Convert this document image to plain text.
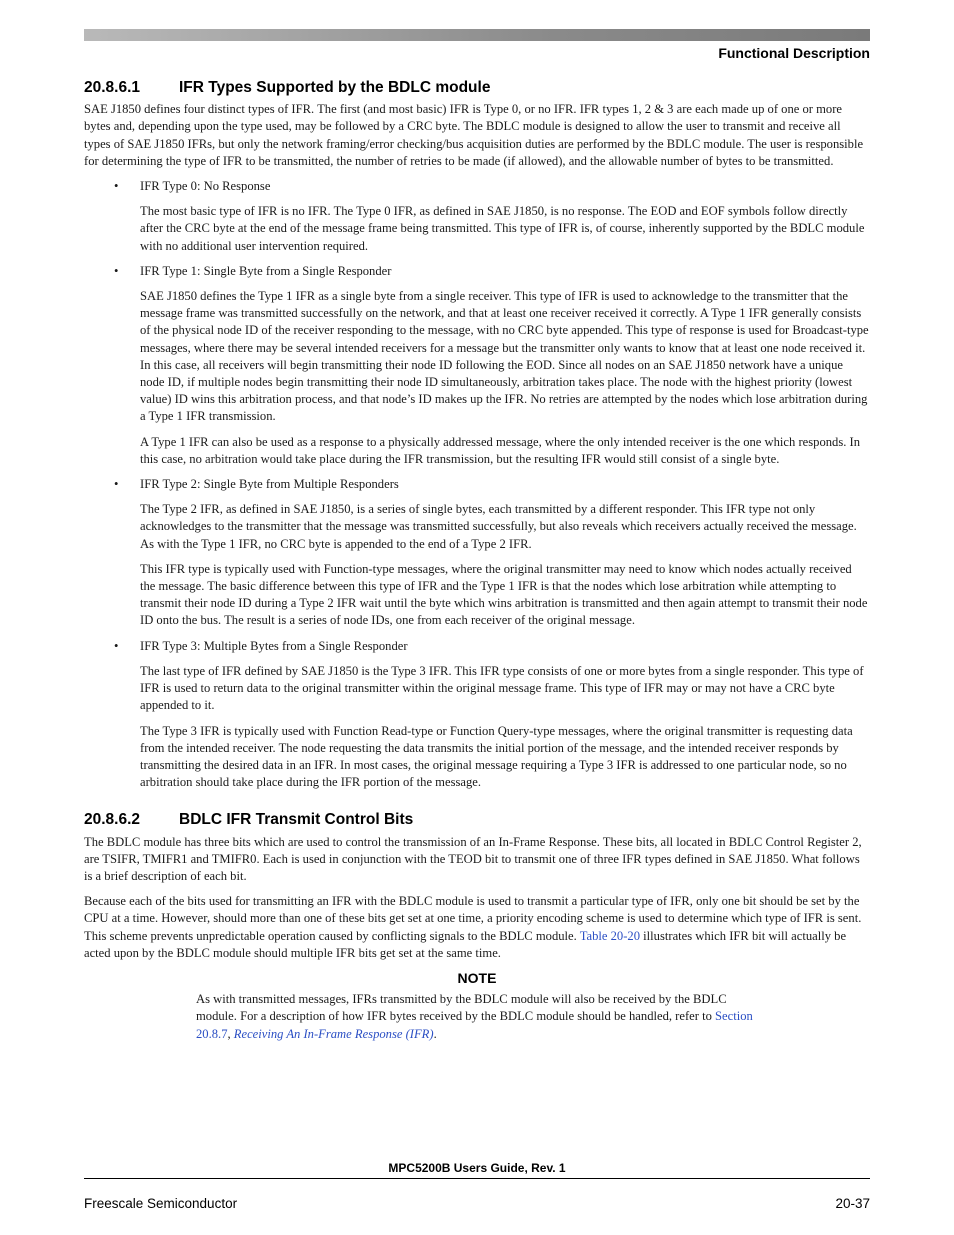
Functional Description
20.8.6.1	IFR Types Supported by the BDLC module

SAE J1850 defines four distinct types of IFR. The first (and most basic) IFR is Type 0, or no IFR. IFR types 1, 2 & 3 are each made up of one or more bytes and, depending upon the type used, may be followed by a CRC byte. The BDLC module is designed to allow the user to transmit and receive all types of SAE J1850 IFRs, but only the network framing/error checking/bus acquisition duties are performed by the BDLC module. The user is responsible for determining the type of IFR to be transmitted, the number of retries to be made (if allowed), and the allowable number of bytes to be transmitted.

• IFR Type 0: No Response

The most basic type of IFR is no IFR. The Type 0 IFR, as defined in SAE J1850, is no response. The EOD and EOF symbols follow directly after the CRC byte at the end of the message frame being transmitted. This type of IFR is, of course, inherently supported by the BDLC module with no additional user intervention required.

• IFR Type 1: Single Byte from a Single Responder

SAE J1850 defines the Type 1 IFR as a single byte from a single receiver. This type of IFR is used to acknowledge to the transmitter that the message frame was transmitted successfully on the network, and that at least one receiver received it correctly. A Type 1 IFR generally consists of the physical node ID of the receiver responding to the message, with no CRC byte appended. This type of response is used for Broadcast-type messages, where there may be several intended receivers for a message but the transmitter only wants to know that at least one node received it. In this case, all receivers will begin transmitting their node ID following the EOD. Since all nodes on an SAE J1850 network have a unique node ID, if multiple nodes begin transmitting their node ID simultaneously, arbitration takes place. The node with the highest priority (lowest value) ID wins this arbitration process, and that node’s ID makes up the IFR. No retries are attempted by the nodes which lose arbitration during a Type 1 IFR transmission.

A Type 1 IFR can also be used as a response to a physically addressed message, where the only intended receiver is the one which responds. In this case, no arbitration would take place during the IFR transmission, but the resulting IFR would still consist of a single byte.

• IFR Type 2: Single Byte from Multiple Responders

The Type 2 IFR, as defined in SAE J1850, is a series of single bytes, each transmitted by a different responder. This IFR type not only acknowledges to the transmitter that the message was transmitted successfully, but also reveals which receivers actually received the message. As with the Type 1 IFR, no CRC byte is appended to the end of a Type 2 IFR.

This IFR type is typically used with Function-type messages, where the original transmitter may need to know which nodes actually received the message. The basic difference between this type of IFR and the Type 1 IFR is that the nodes which lose arbitration while attempting to transmit their node ID during a Type 2 IFR wait until the byte which wins arbitration is transmitted and then again attempt to transmit their node ID onto the bus. The result is a series of node IDs, one from each receiver of the original message.

• IFR Type 3: Multiple Bytes from a Single Responder

The last type of IFR defined by SAE J1850 is the Type 3 IFR. This IFR type consists of one or more bytes from a single responder. This type of IFR is used to return data to the original transmitter within the original message frame. This type of IFR may or may not have a CRC byte appended to it.

The Type 3 IFR is typically used with Function Read-type or Function Query-type messages, where the original transmitter is requesting data from the intended receiver. The node requesting the data transmits the initial portion of the message, and the intended receiver responds by transmitting the desired data in an IFR. In most cases, the original message requiring a Type 3 IFR is addressed to one particular node, so no arbitration should take place during the IFR portion of the message.

20.8.6.2	BDLC IFR Transmit Control Bits

The BDLC module has three bits which are used to control the transmission of an In-Frame Response. These bits, all located in BDLC Control Register 2, are TSIFR, TMIFR1 and TMIFR0. Each is used in conjunction with the TEOD bit to transmit one of three IFR types defined in SAE J1850. What follows is a brief description of each bit.

Because each of the bits used for transmitting an IFR with the BDLC module is used to transmit a particular type of IFR, only one bit should be set by the CPU at a time. However, should more than one of these bits get set at one time, a priority encoding scheme is used to determine which type of IFR is sent. This scheme prevents unpredictable operation caused by conflicting signals to the BDLC module. Table 20-20 illustrates which IFR bit will actually be acted upon by the BDLC module should multiple IFR bits get set at the same time.

NOTE
As with transmitted messages, IFRs transmitted by the BDLC module will also be received by the BDLC module. For a description of how IFR bytes received by the BDLC module should be handled, refer to Section 20.8.7, Receiving An In-Frame Response (IFR).
MPC5200B Users Guide, Rev. 1
Freescale Semiconductor	20-37
